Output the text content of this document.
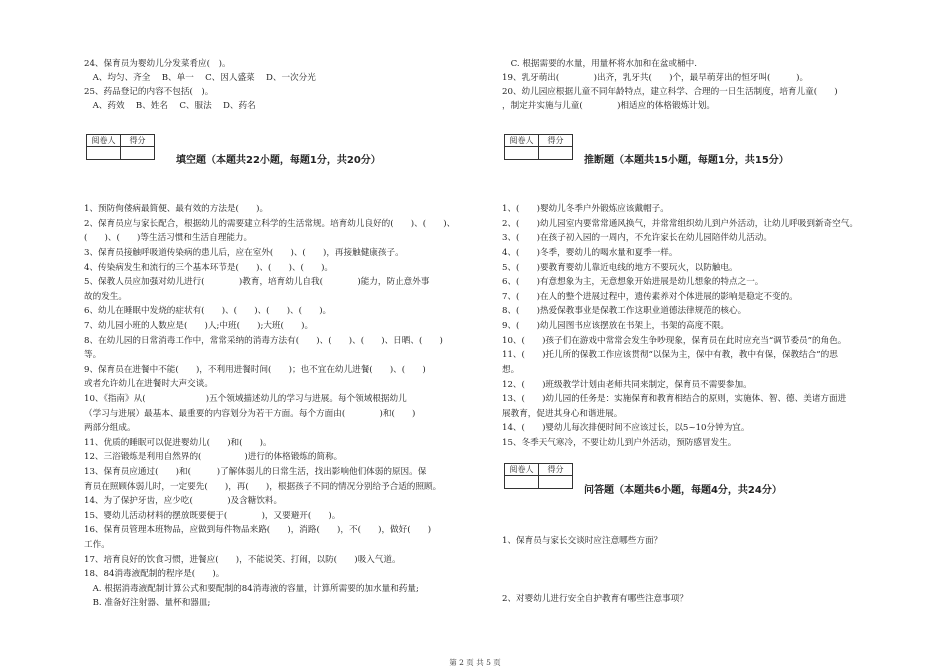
24、保育员为婴幼儿分发菜肴应(　)。
　A、均匀、齐全　 B、单一　 C、因人盛菜　 D、一次分光
25、药品登记的内容不包括(　)。
　A、药效　 B、姓名　 C、服法　 D、药名
阅卷人	得分

填空题（本题共22小题，每题1分，共20分）
1、预防佝偻病最简便、最有效的方法是(　　)。
2、保育员应与家长配合，根据幼儿的需要建立科学的生活常规。培育幼儿良好的(　　)、(　　)、
(　　)、(　　)等生活习惯和生活自理能力。
3、保育员接触呼吸道传染病的患儿后，应在室外(　　)、(　　)，再接触健康孩子。
4、传染病发生和流行的三个基本环节是(　　)、(　　)、(　　)。
5、保教人员应加强对幼儿进行(　　　　)教育，培育幼儿自我(　　　　)能力，防止意外事
故的发生。
6、幼儿在睡眠中发烧的症状有(　　)、(　　)、(　　)、(　　)。
7、幼儿园小班的人数应是(　　)人;中班(　　);大班(　　)。
8、在幼儿园的日常消毒工作中，常常采纳的消毒方法有(　　)、(　　)、(　　)、日晒、(　　)
等。
9、保育员在进餐中不能(　　)，不利用进餐时间(　　)；也不宜在幼儿进餐(　　)、(　　)
或者允许幼儿在进餐时大声交谈。
10、《指南》从(　　　　　　　)五个领域描述幼儿的学习与进展。每个领域根据幼儿
（学习与进展）最基本、最重要的内容划分为若干方面。每个方面由(　　　　)和(　　)
两部分组成。
11、优质的睡眠可以促进婴幼儿(　　)和(　　)。
12、三浴锻炼是利用自然界的(　　　　　)进行的体格锻炼的简称。
13、保育员应通过(　　)和(　　　)了解体弱儿的日常生活，找出影响他们体弱的原因。保
育员在照顾体弱儿时，一定要先(　　)，再(　　)，根据孩子不同的情况分别给予合适的照顾。
14、为了保护牙齿，应少吃(　　　　)及含糖饮料。
15、婴幼儿活动材料的摆放既要便于(　　　　)，又要避开(　　)。
16、保育员管理本班物品，应做到每件物品来路(　　)，消路(　　)，不(　　)，做好(　　)
工作。
17、培育良好的饮食习惯，进餐应(　　)，不能说笑、打闹，以防(　　)吸入气道。
18、84消毒液配制的程序是(　　)。
　A. 根据消毒液配制计算公式和要配制的84消毒液的容量，计算所需要的加水量和药量;
　B. 准备好注射器、量杯和器皿;
　C. 根据需要的水量，用量杯将水加和在盆或桶中.
19、乳牙萌出(　　　　)出齐，乳牙共(　　)个，最早萌芽出的恒牙叫(　　　)。
20、幼儿园应根据儿童不同年龄特点，建立科学、合理的一日生活制度，培育儿童(　　)
，制定并实施与儿童(　　　　)相适应的体格锻炼计划。
阅卷人	得分

推断题（本题共15小题，每题1分，共15分）
1、(　　)婴幼儿冬季户外锻炼应该戴帽子。
2、(　　)幼儿园室内要常常通风换气，并常常组织幼儿到户外活动，让幼儿呼吸到新奇空气。
3、(　　)在孩子初入园的一周内，不允许家长在幼儿园陪伴幼儿活动。
4、(　　)冬季，婴幼儿的喝水量和夏季一样。
5、(　　)要教育婴幼儿靠近电线的地方不要玩火，以防触电。
6、(　　)有意想象为主，无意想象开始进展是幼儿想象的特点之一。
7、(　　)在人的整个进展过程中，遗传素养对个体进展的影响是稳定不变的。
8、(　　)热爱保教事业是保教工作这职业道德法律规范的核心。
9、(　　)幼儿园图书应该摆放在书架上，书架的高度不限。
10、(　　)孩子们在游戏中常常会发生争吵现象，保育员在此时应充当“调节委员”的角色。
11、(　　)托儿所的保教工作应该贯彻“以保为主，保中有教，教中有保，保教结合”的思
想。
12、(　　)班级教学计划由老师共同来制定，保育员不需要参加。
13、(　　)幼儿园的任务是：实施保育和教育相结合的原则，实施体、智、德、美诸方面进
展教育，促进其身心和谐进展。
14、(　　)婴幼儿每次排便时间不应该过长，以5~10分钟为宜。
15、冬季天气寒冷，不要让幼儿到户外活动，预防感冒发生。
阅卷人	得分

问答题（本题共6小题，每题4分，共24分）
1、保育员与家长交谈时应注意哪些方面？
2、对婴幼儿进行安全自护教育有哪些注意事项？
第 2 页 共 5 页
